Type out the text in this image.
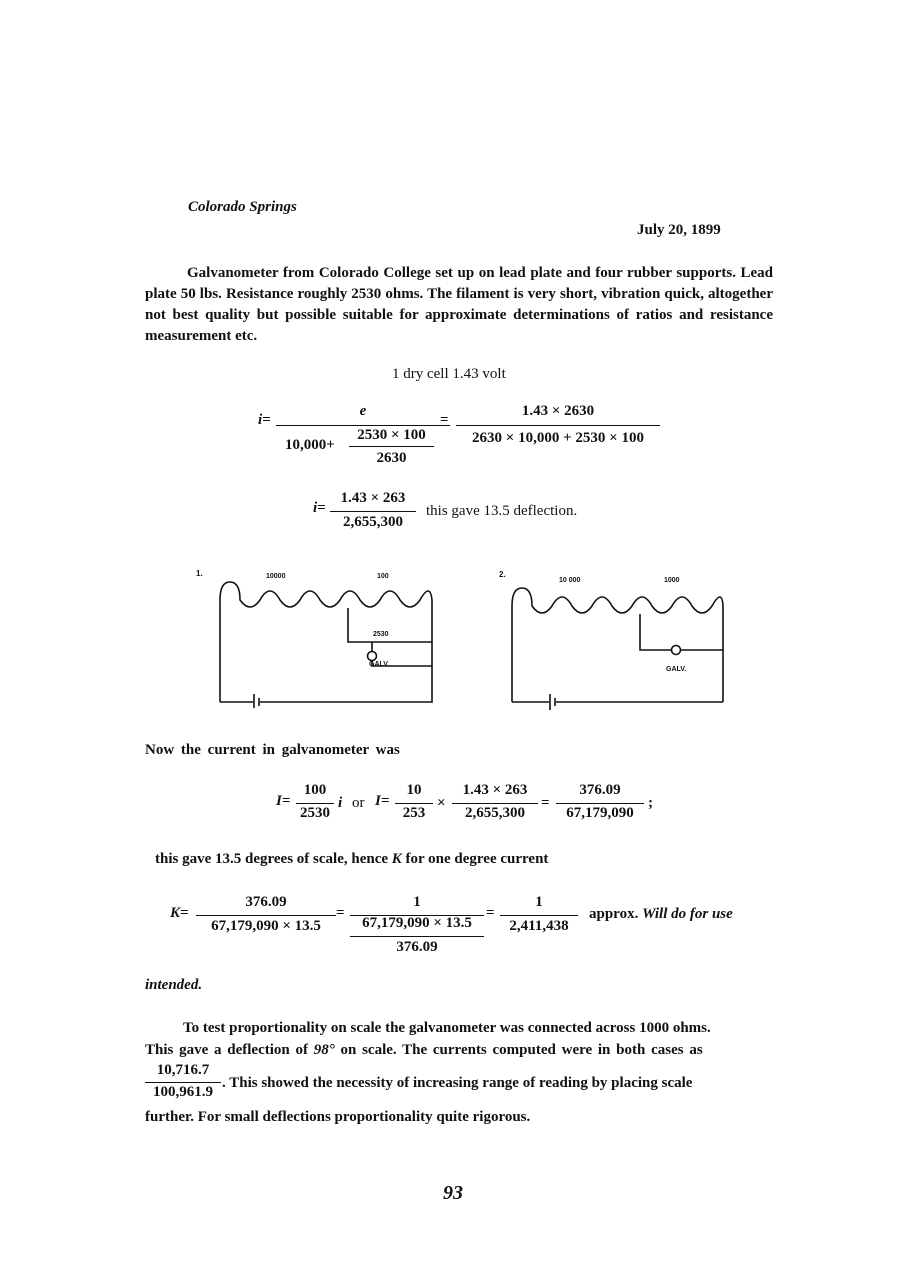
Colorado Springs
July 20, 1899
Galvanometer from Colorado College set up on lead plate and four rubber supports. Lead plate 50 lbs. Resistance roughly 2530 ohms. The filament is very short, vibration quick, altogether not best quality but possible suitable for approximate determinations of ratios and resistance measurement etc.
1 dry cell 1.43 volt
i=
e
10,000+
2530 × 100
2630
=
1.43 × 2630
2630 × 10,000 + 2530 × 100
i=
1.43 × 263
2,655,300
this gave 13.5 deflection.
1.	10000	100
2530
GALV.
2.
10 000	1000
GALV.
Now the current in galvanometer was
I=
100
2530
i or I=
10
253
×
1.43 × 263
2,655,300
=
376.09
67,179,090
;
this gave 13.5 degrees of scale, hence K for one degree current
K=
376.09
67,179,090 × 13.5
=
1
67,179,090 × 13.5
376.09
=
1
2,411,438
approx. Will do for use
intended.
To test proportionality on scale the galvanometer was connected across 1000 ohms.
This gave a deflection of 98° on scale. The currents computed were in both cases as
10,716.7
100,961.9
. This showed the necessity of increasing range of reading by placing scale
further. For small deflections proportionality quite rigorous.
93
